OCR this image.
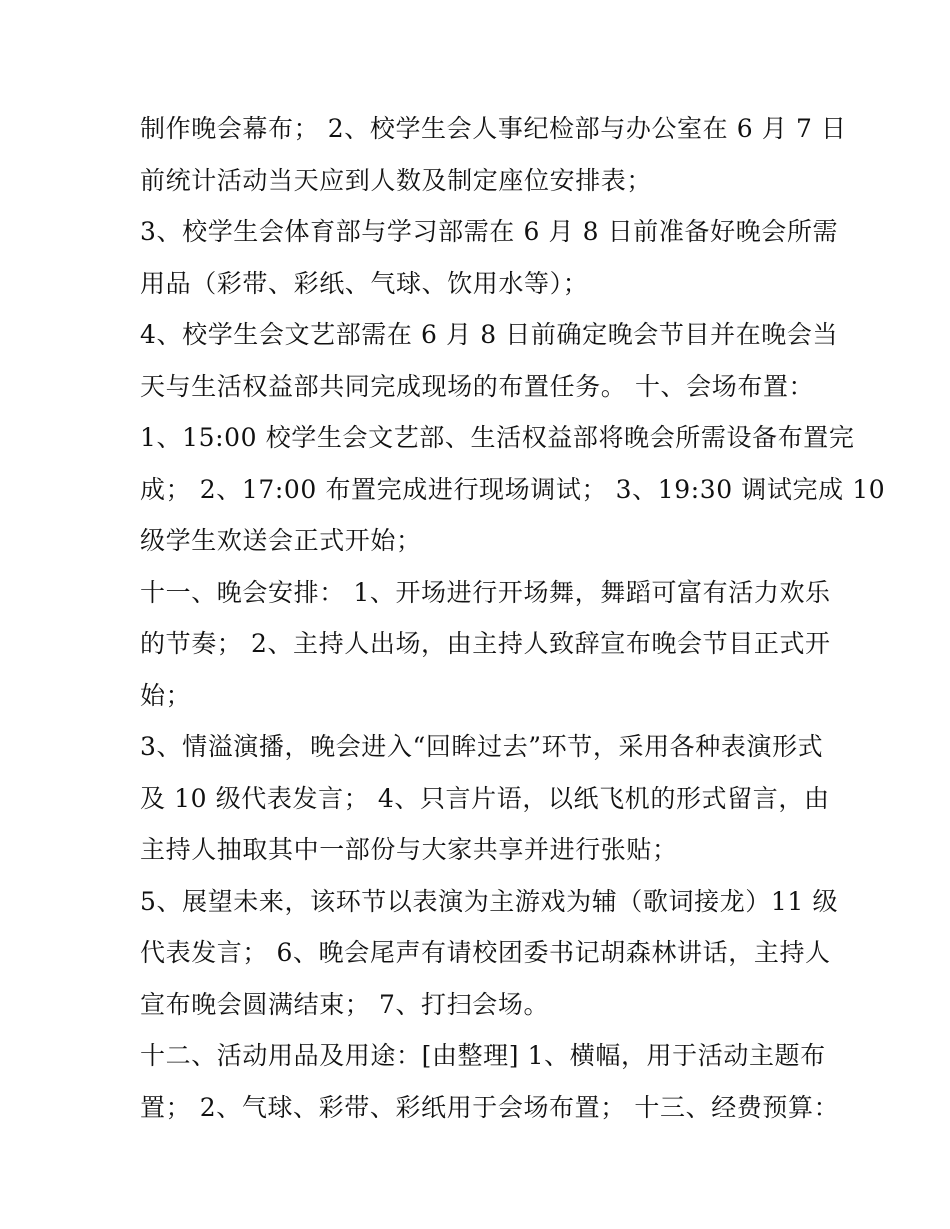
制作晚会幕布； 2、校学生会人事纪检部与办公室在 6 月 7 日
前统计活动当天应到人数及制定座位安排表；
3、校学生会体育部与学习部需在 6 月 8 日前准备好晚会所需
用品（彩带、彩纸、气球、饮用水等）；
4、校学生会文艺部需在 6 月 8 日前确定晚会节目并在晚会当
天与生活权益部共同完成现场的布置任务。 十、会场布置：
1、15:00 校学生会文艺部、生活权益部将晚会所需设备布置完
成； 2、17:00 布置完成进行现场调试； 3、19:30 调试完成 10
级学生欢送会正式开始；
十一、晚会安排： 1、开场进行开场舞，舞蹈可富有活力欢乐
的节奏； 2、主持人出场，由主持人致辞宣布晚会节目正式开
始；
3、情溢演播，晚会进入“回眸过去”环节，采用各种表演形式
及 10 级代表发言； 4、只言片语，以纸飞机的形式留言，由
主持人抽取其中一部份与大家共享并进行张贴；
5、展望未来，该环节以表演为主游戏为辅（歌词接龙）11 级
代表发言； 6、晚会尾声有请校团委书记胡森林讲话，主持人
宣布晚会圆满结束； 7、打扫会场。
十二、活动用品及用途：[由整理] 1、横幅，用于活动主题布
置； 2、气球、彩带、彩纸用于会场布置； 十三、经费预算：
